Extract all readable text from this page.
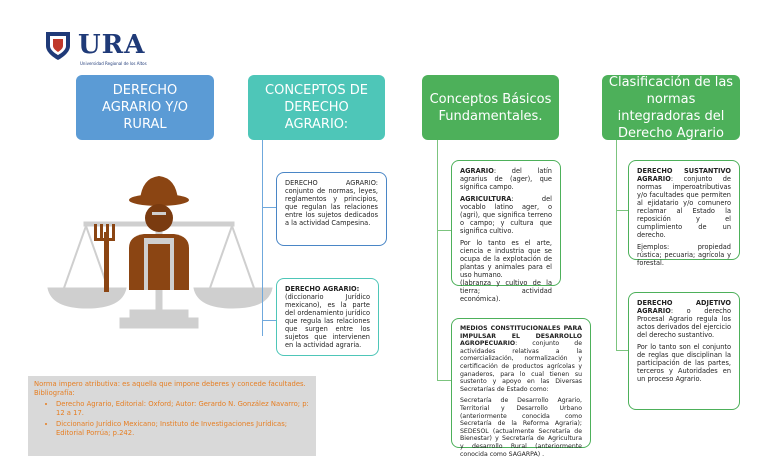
URA
Universidad Regional de los Altos
DERECHO AGRARIO Y/O RURAL
CONCEPTOS DE DERECHO AGRARIO:
Conceptos Básicos Fundamentales.
Clasificación de las normas integradoras del Derecho Agrario
DERECHO AGRARIO: conjunto de normas, leyes, reglamentos y principios, que regulan las relaciones entre los sujetos dedicados a la actividad Campesina.
DERECHO AGRARIO:
(diccionario Jurídico mexicano), es la parte del ordenamiento jurídico que regula las relaciones que surgen entre los sujetos que intervienen en la actividad agraria.

AGRARIO: del latín agrarius de (ager), que significa campo.

AGRICULTURA: del vocablo latino ager, o (agri), que significa terreno o campo; y cultura que significa cultivo.

Por lo tanto es el arte, ciencia e industria que se ocupa de la explotación de plantas y animales para el uso humano.

(labranza y cultivo de la tierra; actividad económica).

MEDIOS CONSTITUCIONALES PARA IMPULSAR EL DESARROLLO AGROPECUARIO: conjunto de actividades relativas a la comercialización, normalización y certificación de productos agrícolas y ganaderos, para lo cual tienen su sustento y apoyo en las Diversas Secretarías de Estado como:

Secretaría de Desarrollo Agrario, Territorial y Desarrollo Urbano (anteriormente conocida como Secretaría de la Reforma Agraria); SEDESOL (actualmente Secretaría de Bienestar) y Secretaría de Agricultura y desarrollo Rural (anteriormente conocida como SAGARPA) .

DERECHO SUSTANTIVO AGRARIO: conjunto de normas imperoatributivas y/o facultades que permiten al ejidatario y/o comunero reclamar al Estado la reposición y el cumplimiento de un derecho.

Ejemplos: propiedad rústica; pecuaria; agrícola y forestal.

DERECHO ADJETIVO AGRARIO: o derecho Procesal Agrario regula los actos derivados del ejercicio del derecho sustantivo.

Por lo tanto son el conjunto de reglas que disciplinan la participación de las partes, terceros y Autoridades en un proceso Agrario.

Norma impero atributiva: es aquella que impone deberes y concede facultades.
Bibliografía:
• Derecho Agrario, Editorial: Oxford; Autor: Gerardo N. González Navarro; p: 12 a 17.
• Diccionario Jurídico Mexicano; Instituto de Investigaciones Jurídicas; Editorial Porrúa; p.242.
